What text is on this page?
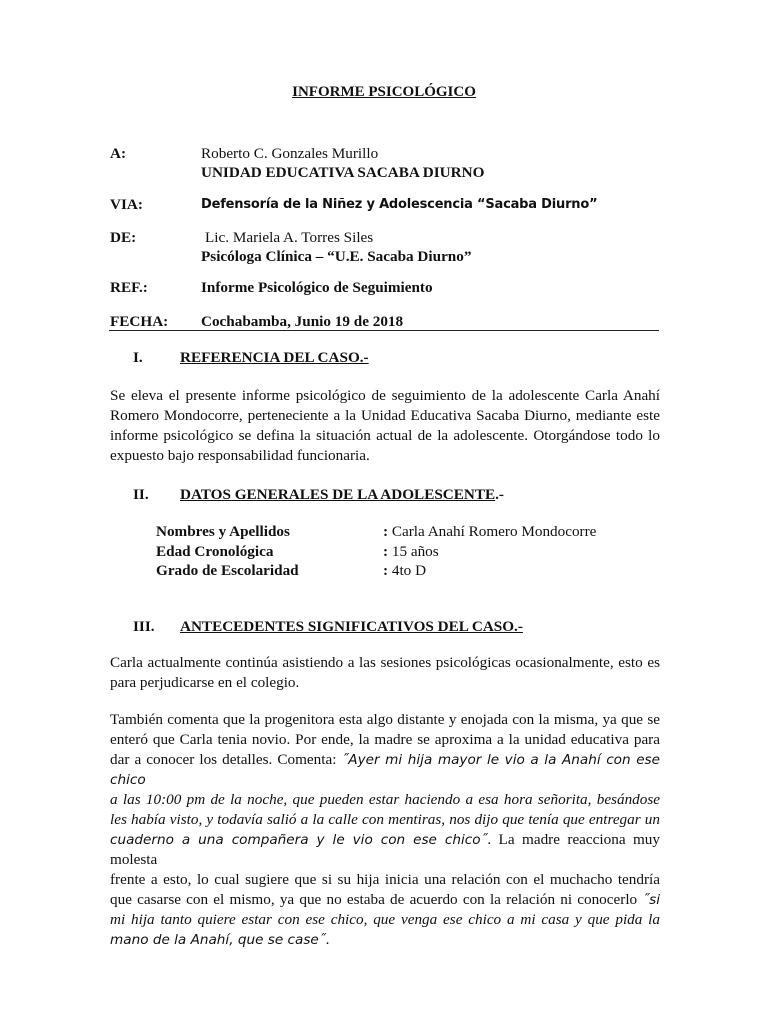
INFORME PSICOLÓGICO
A:	Roberto C. Gonzales Murillo
UNIDAD EDUCATIVA SACABA DIURNO
VIA:	Defensoría de la Niñez y Adolescencia “Sacaba Diurno”
DE:	Lic. Mariela A. Torres Siles
Psicóloga Clínica – “U.E. Sacaba Diurno”
REF.:	Informe Psicológico de Seguimiento
FECHA: Cochabamba, Junio 19 de 2018
I. REFERENCIA DEL CASO.-
Se eleva el presente informe psicológico de seguimiento de la adolescente Carla Anahí
Romero Mondocorre, perteneciente a la Unidad Educativa Sacaba Diurno, mediante este
informe psicológico se defina la situación actual de la adolescente. Otorgándose todo lo
expuesto bajo responsabilidad funcionaria.
II. DATOS GENERALES DE LA ADOLESCENTE.-
Nombres y Apellidos	: Carla Anahí Romero Mondocorre
Edad Cronológica	: 15 años
Grado de Escolaridad	: 4to D
III. ANTECEDENTES SIGNIFICATIVOS DEL CASO.-
Carla actualmente continúa asistiendo a las sesiones psicológicas ocasionalmente, esto es
para perjudicarse en el colegio.
También comenta que la progenitora esta algo distante y enojada con la misma, ya que se
enteró que Carla tenia novio. Por ende, la madre se aproxima a la unidad educativa para
dar a conocer los detalles. Comenta: ˝Ayer mi hija mayor le vio a la Anahí con ese chico
a las 10:00 pm de la noche, que pueden estar haciendo a esa hora señorita, besándose
les había visto, y todavía salió a la calle con mentiras, nos dijo que tenía que entregar un
cuaderno a una compañera y le vio con ese chico˝. La madre reacciona muy molesta
frente a esto, lo cual sugiere que si su hija inicia una relación con el muchacho tendría
que casarse con el mismo, ya que no estaba de acuerdo con la relación ni conocerlo ˝si
mi hija tanto quiere estar con ese chico, que venga ese chico a mi casa y que pida la
mano de la Anahí, que se case˝.
